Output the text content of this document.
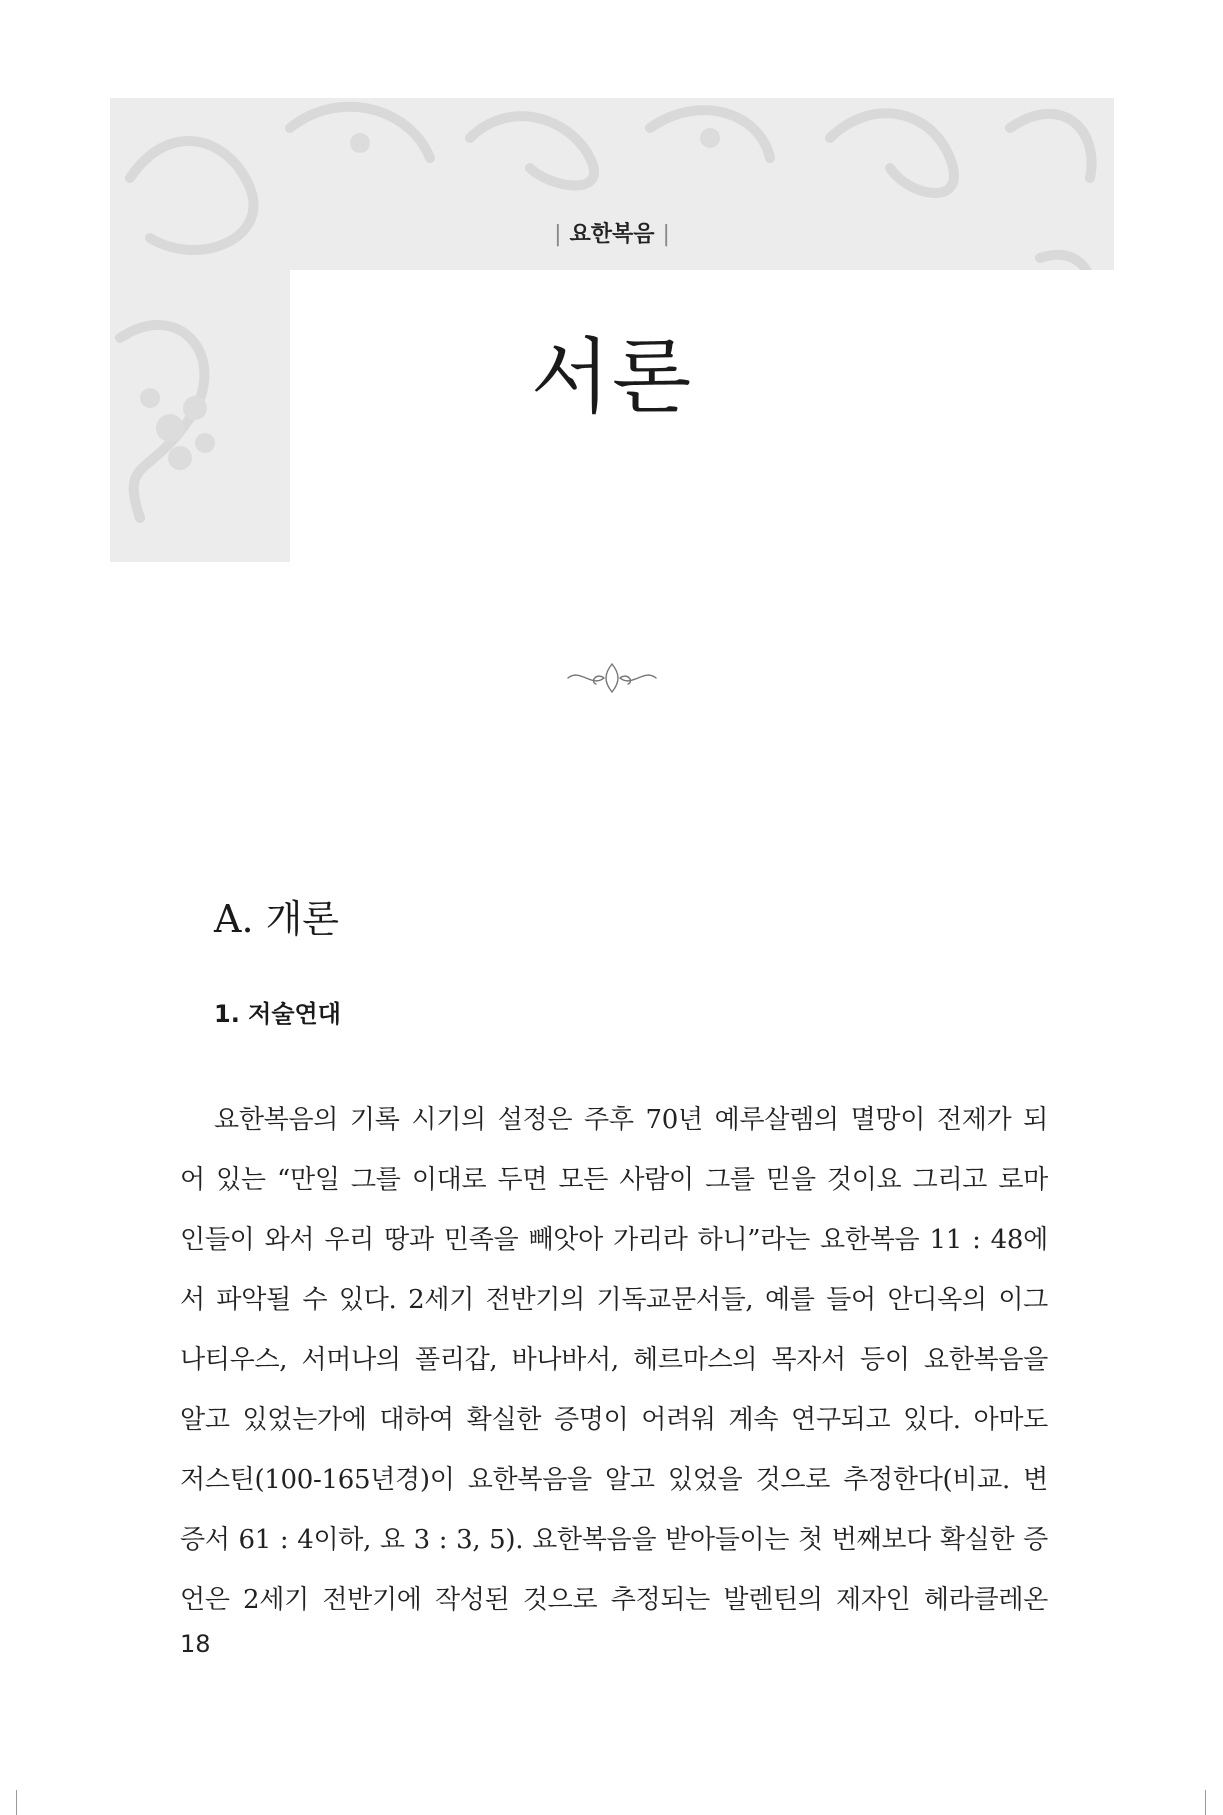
| 요한복음 |
서론
A. 개론
1. 저술연대
요한복음의 기록 시기의 설정은 주후 70년 예루살렘의 멸망이 전제가 되
어 있는 “만일 그를 이대로 두면 모든 사람이 그를 믿을 것이요 그리고 로마
인들이 와서 우리 땅과 민족을 빼앗아 가리라 하니”라는 요한복음 11 : 48에
서 파악될 수 있다. 2세기 전반기의 기독교문서들, 예를 들어 안디옥의 이그
나티우스, 서머나의 폴리갑, 바나바서, 헤르마스의 목자서 등이 요한복음을
알고 있었는가에 대하여 확실한 증명이 어려워 계속 연구되고 있다. 아마도
저스틴(100-165년경)이 요한복음을 알고 있었을 것으로 추정한다(비교. 변
증서 61 : 4이하, 요 3 : 3, 5). 요한복음을 받아들이는 첫 번째보다 확실한 증
언은 2세기 전반기에 작성된 것으로 추정되는 발렌틴의 제자인 헤라클레온
18
